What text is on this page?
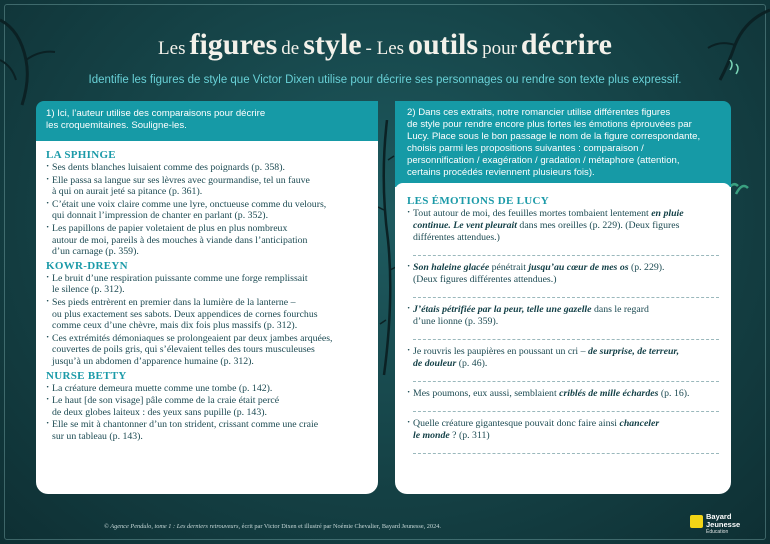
Les figures de style - Les outils pour décrire
Identifie les figures de style que Victor Dixen utilise pour décrire ses personnages ou rendre son texte plus expressif.
1) Ici, l’auteur utilise des comparaisons pour décrire
les croquemitaines. Souligne-les.
LA SPHINGE
· Ses dents blanches luisaient comme des poignards (p. 358).
· Elle passa sa langue sur ses lèvres avec gourmandise, tel un fauve
à qui on aurait jeté sa pitance (p. 361).
· C’était une voix claire comme une lyre, onctueuse comme du velours,
qui donnait l’impression de chanter en parlant (p. 352).
· Les papillons de papier voletaient de plus en plus nombreux
autour de moi, pareils à des mouches à viande dans l’anticipation
d’un carnage (p. 359).
KOWR-DREYN
· Le bruit d’une respiration puissante comme une forge remplissait
le silence (p. 312).
· Ses pieds entrèrent en premier dans la lumière de la lanterne –
ou plus exactement ses sabots. Deux appendices de cornes fourchus
comme ceux d’une chèvre, mais dix fois plus massifs (p. 312).
· Ces extrémités démoniaques se prolongeaient par deux jambes arquées,
couvertes de poils gris, qui s’élevaient telles des tours musculeuses
jusqu’à un abdomen d’apparence humaine (p. 312).
NURSE BETTY
· La créature demeura muette comme une tombe (p. 142).
· Le haut [de son visage] pâle comme de la craie était percé
de deux globes laiteux : des yeux sans pupille (p. 143).
· Elle se mit à chantonner d’un ton strident, crissant comme une craie
sur un tableau (p. 143).
2) Dans ces extraits, notre romancier utilise différentes figures
de style pour rendre encore plus fortes les émotions éprouvées par
Lucy. Place sous le bon passage le nom de la figure correspondante,
choisis parmi les propositions suivantes : comparaison /
personnification / exagération / gradation / métaphore (attention,
certains procédés reviennent plusieurs fois).
LES ÉMOTIONS DE LUCY
· Tout autour de moi, des feuilles mortes tombaient lentement en pluie
continue. Le vent pleurait dans mes oreilles (p. 229). (Deux figures
différentes attendues.)
· Son haleine glacée pénétrait jusqu’au cœur de mes os (p. 229).
(Deux figures différentes attendues.)
· J’étais pétrifiée par la peur, telle une gazelle dans le regard
d’une lionne (p. 359).
· Je rouvris les paupières en poussant un cri – de surprise, de terreur,
de douleur (p. 46).
· Mes poumons, eux aussi, semblaient criblés de mille échardes (p. 16).
· Quelle créature gigantesque pouvait donc faire ainsi chanceler
le monde ? (p. 311)
© Agence Pendulo, tome 1 : Les derniers retrouveurs, écrit par Victor Dixen et illustré par Noémie Chevalier, Bayard Jeunesse, 2024.
Bayard
Jeunesse
Éducation
